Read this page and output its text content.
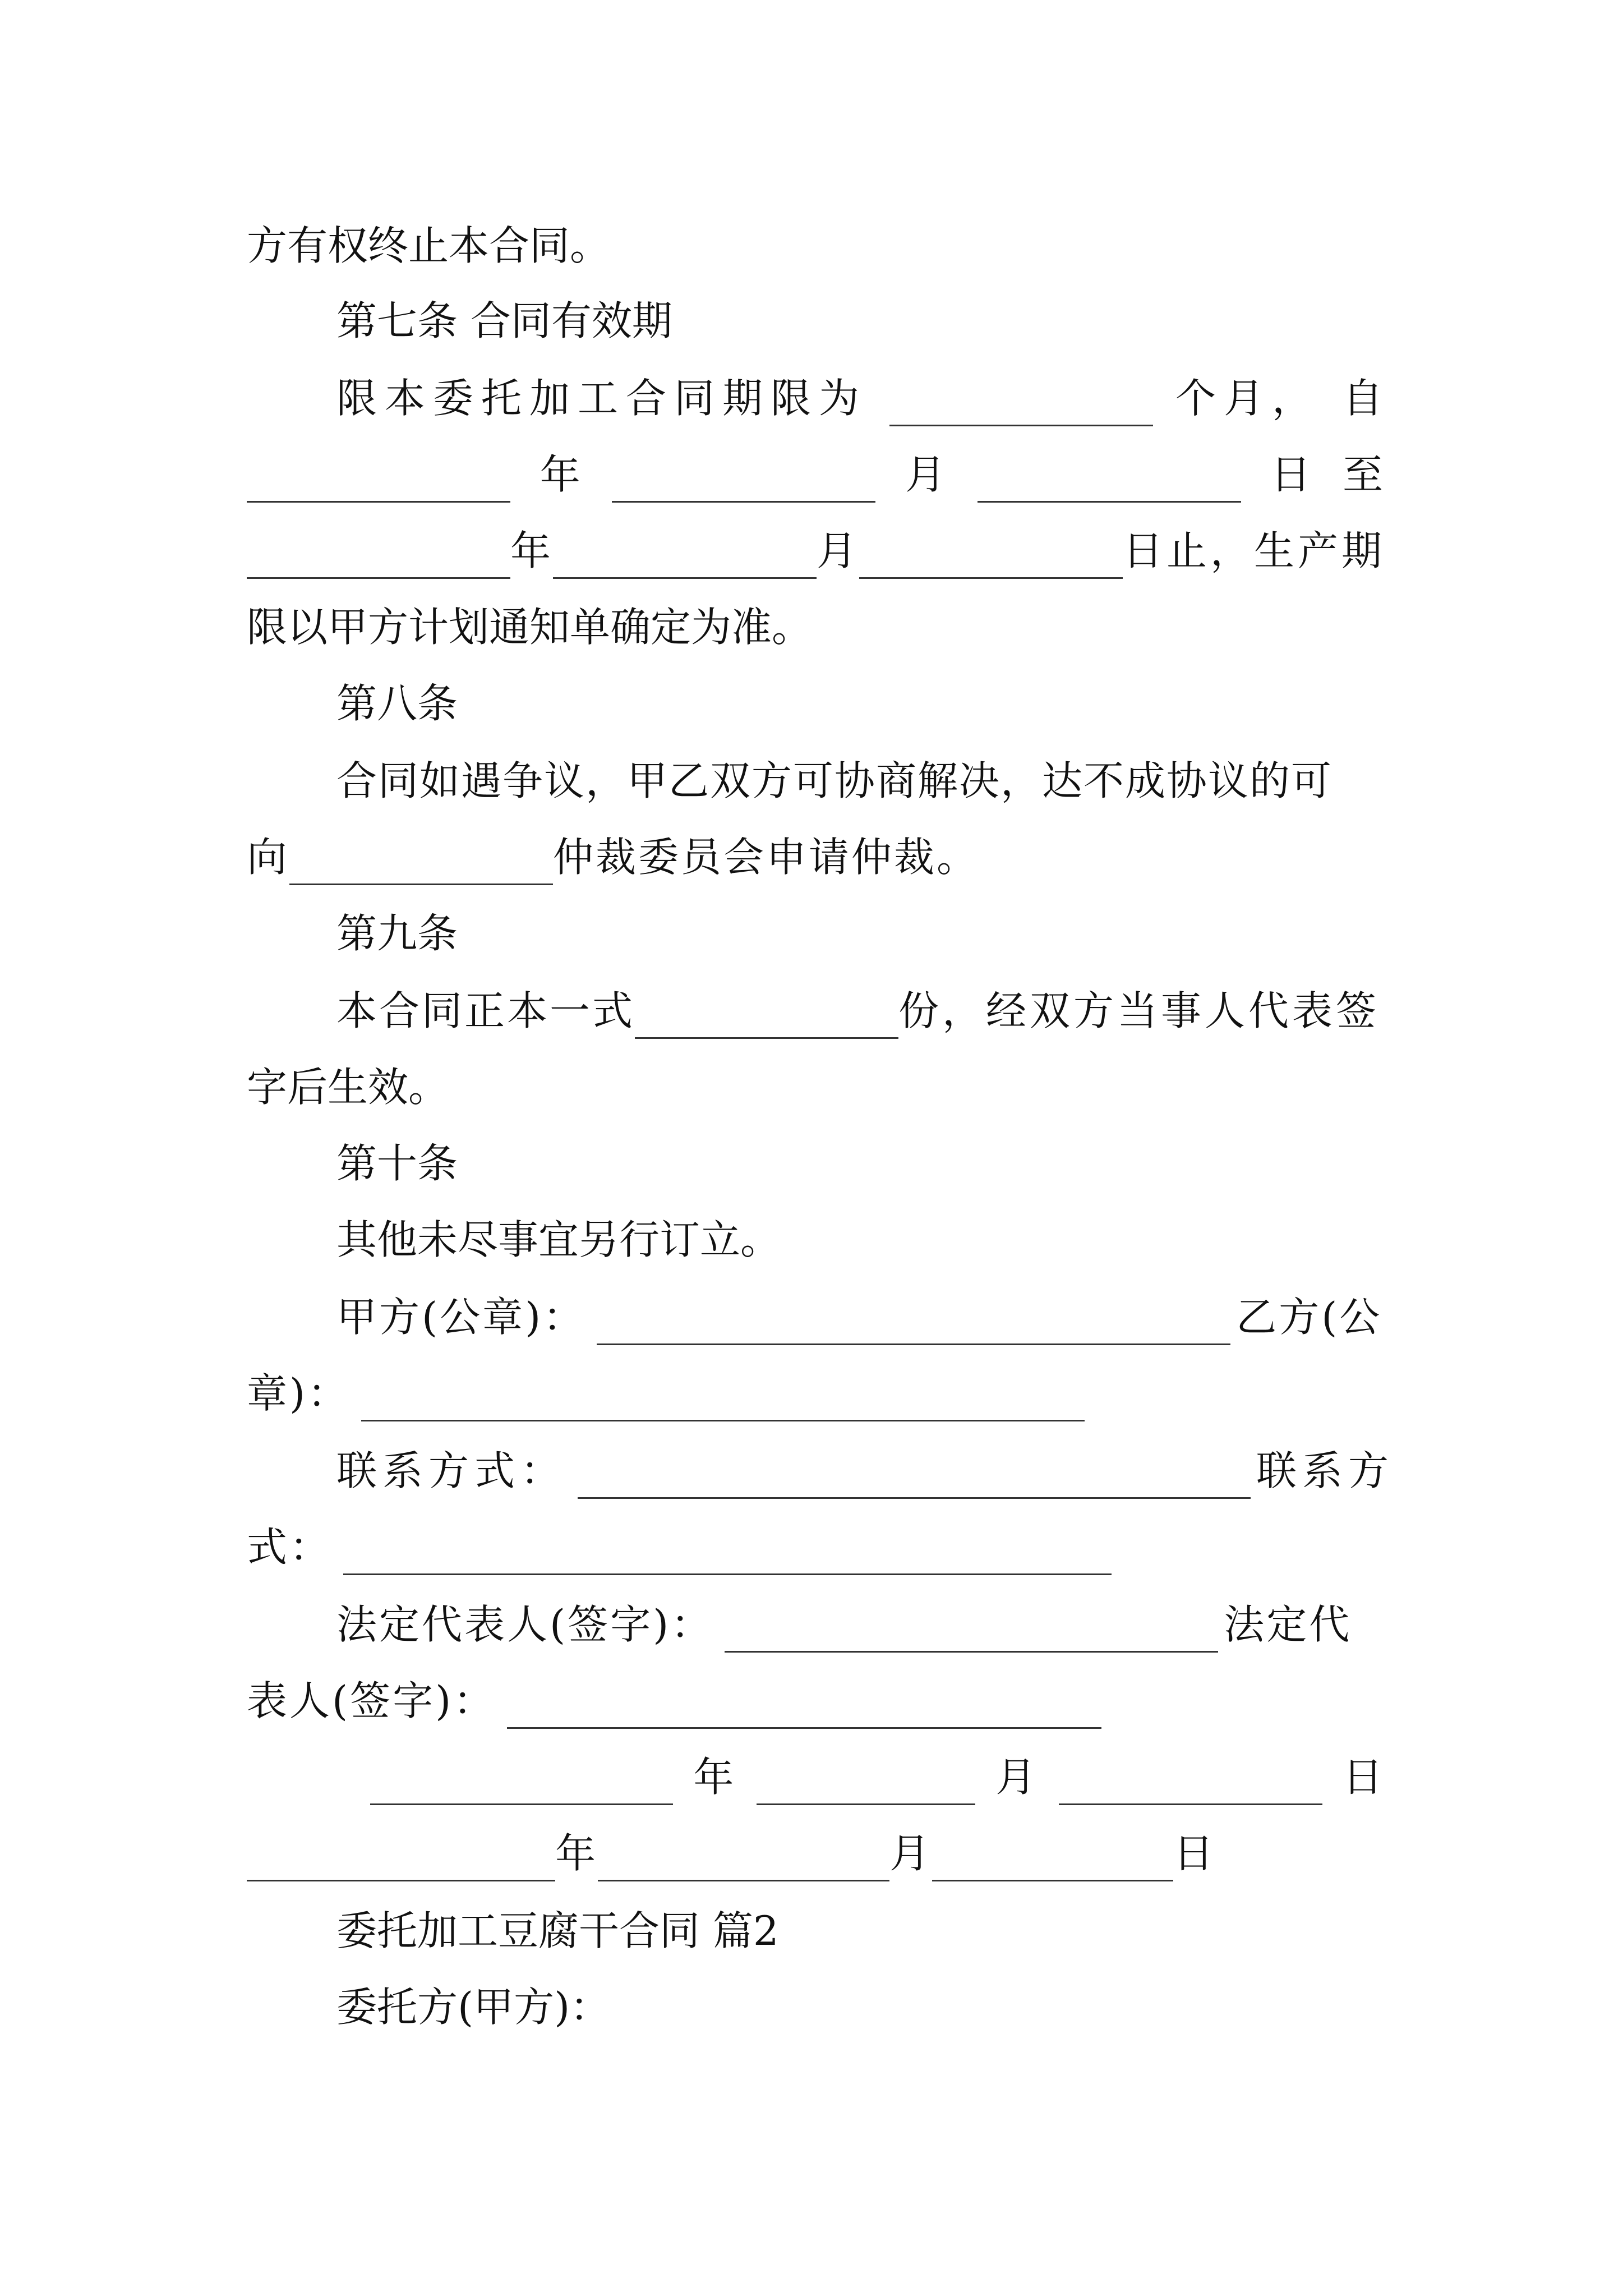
方有权终止本合同。
第七条 合同有效期
限本委托加工合同期限为	个月， 自
年	月	日 至
年	月	日止，生产期
限以甲方计划通知单确定为准。
第八条
合同如遇争议，甲乙双方可协商解决，达不成协议的可
向	仲裁委员会申请仲裁。
第九条
本合同正本一式	份，经双方当事人代表签
字后生效。
第十条
其他未尽事宜另行订立。
甲方(公章)：	乙方(公
章)：
联系方式：	联系方
式：
法定代表人(签字)：	法定代
表人(签字)：
年	月	日
年	月	日
委托加工豆腐干合同 篇2
委托方(甲方)：
